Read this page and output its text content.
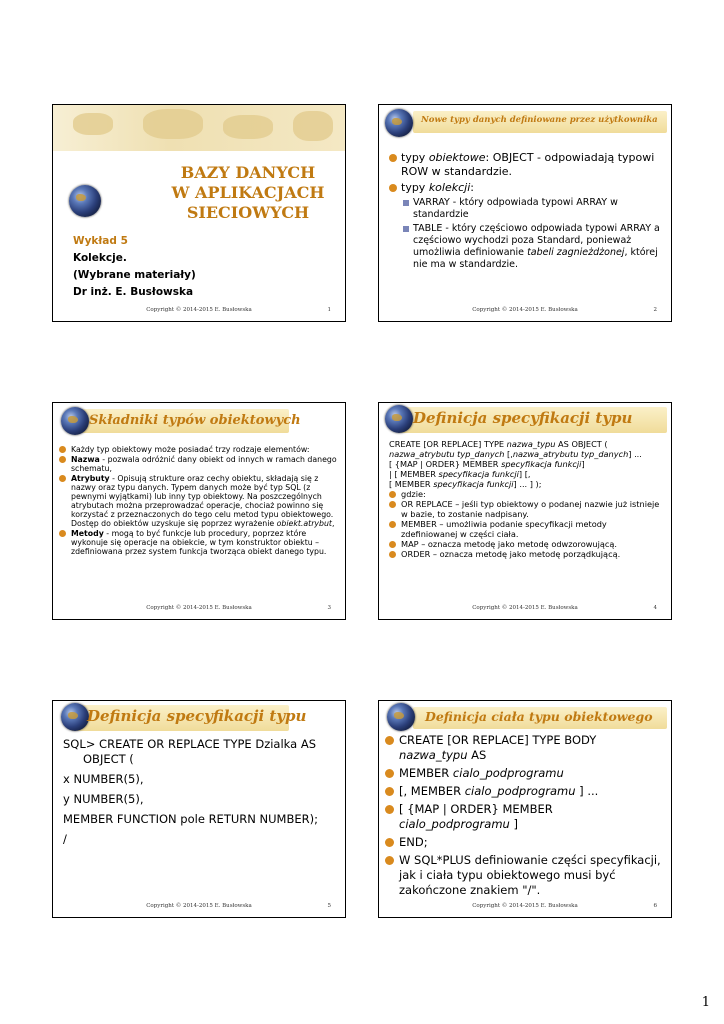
BAZY DANYCH
W APLIKACJACH
SIECIOWYCH
Wykład 5
Kolekcje.
(Wybrane materiały)
Dr inż. E. Busłowska
Copyright © 2014-2015 E. Busłowska	1
Nowe typy danych definiowane przez użytkownika
typy obiektowe: OBJECT - odpowiadają typowi ROW w standardzie.
typy kolekcji:
VARRAY - który odpowiada typowi ARRAY w standardzie
TABLE - który częściowo odpowiada typowi ARRAY a częściowo wychodzi poza Standard, ponieważ umożliwia definiowanie tabeli zagnieżdżonej, której nie ma w standardzie.
Copyright © 2014-2015 E. Busłowska	2
Składniki typów obiektowych
Każdy typ obiektowy może posiadać trzy rodzaje elementów:
Nazwa - pozwala odróżnić dany obiekt od innych w ramach danego schematu,
Atrybuty - Opisują strukture oraz cechy obiektu, składają się z nazwy oraz typu danych. Typem danych może być typ SQL (z pewnymi wyjątkami) lub inny typ obiektowy. Na poszczególnych atrybutach można przeprowadzać operacje, chociaż powinno się korzystać z przeznaczonych do tego celu metod typu obiektowego. Dostęp do obiektów uzyskuje się poprzez wyrażenie obiekt.atrybut,
Metody - mogą to być funkcje lub procedury, poprzez które wykonuje się operacje na obiekcie, w tym konstruktor obiektu – zdefiniowana przez system funkcja tworząca obiekt danego typu.
Copyright © 2014-2015 E. Busłowska	3
Definicja specyfikacji typu
CREATE [OR REPLACE] TYPE nazwa_typu AS OBJECT (
nazwa_atrybutu typ_danych [,nazwa_atrybutu typ_danych] ...
[ {MAP | ORDER} MEMBER specyfikacja funkcji]
| [ MEMBER specyfikacja funkcji] [,
[ MEMBER specyfikacja funkcji] ... ] );
gdzie:
OR REPLACE – jeśli typ obiektowy o podanej nazwie już istnieje w bazie, to zostanie nadpisany.
MEMBER – umożliwia podanie specyfikacji metody zdefiniowanej w części ciała.
MAP – oznacza metodę jako metodę odwzorowującą.
ORDER – oznacza metodę jako metodę porządkującą.
Copyright © 2014-2015 E. Busłowska	4
Definicja specyfikacji typu

SQL> CREATE OR REPLACE TYPE Dzialka AS

OBJECT (

x NUMBER(5),

y NUMBER(5),

MEMBER FUNCTION pole RETURN NUMBER);

/

Copyright © 2014-2015 E. Busłowska	5
Definicja ciała typu obiektowego
CREATE [OR REPLACE] TYPE BODY nazwa_typu AS
MEMBER cialo_podprogramu
[, MEMBER cialo_podprogramu ] ...
[ {MAP | ORDER} MEMBER cialo_podprogramu ]
END;
W SQL*PLUS definiowanie części specyfikacji, jak i ciała typu obiektowego musi być zakończone znakiem "/".
Copyright © 2014-2015 E. Busłowska	6
1
